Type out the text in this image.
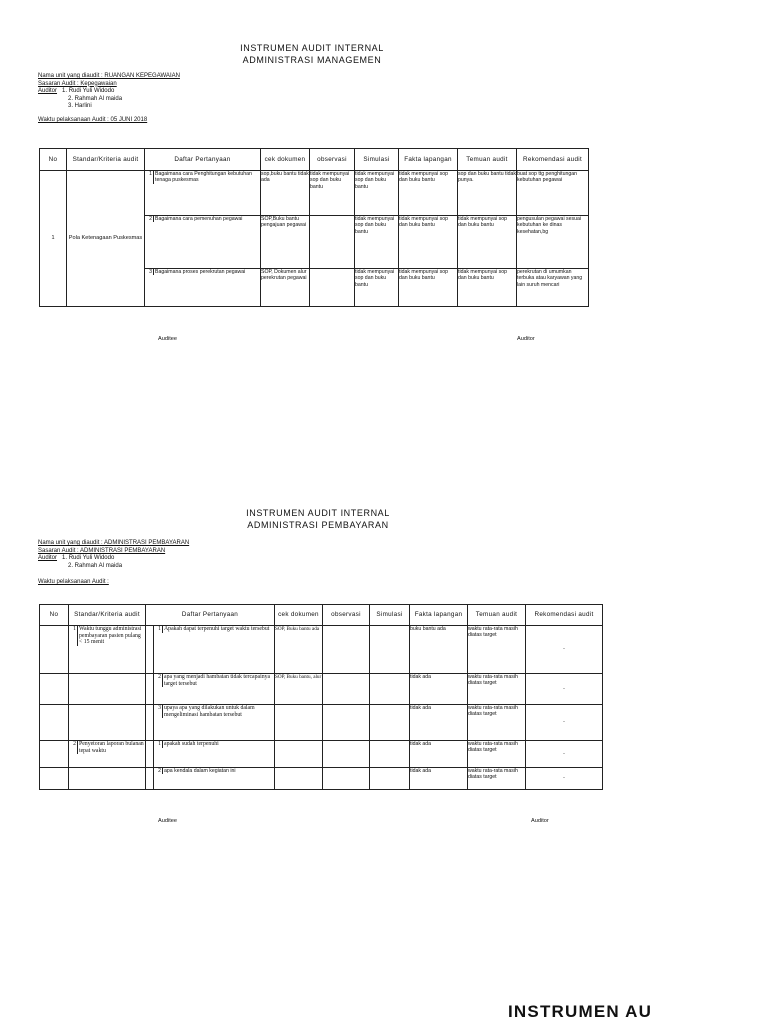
INSTRUMEN AUDIT INTERNAL
ADMINISTRASI MANAGEMEN
Nama unit yang diaudit : RUANGAN KEPEGAWAIAN
Sasaran Audit : Kepegawaian
Auditor 1. Rudi Yuli Widodo
2. Rahmah Al maida
3. Harlini
Waktu pelaksanaan Audit : 05 JUNI 2018
No	Standar/Kriteria audit	Daftar Pertanyaan	cek dokumen	observasi	Simulasi	Fakta lapangan	Temuan audit	Rekomendasi audit

1	Pola Ketenagaan Puskesmas	1 Bagaimana cara Penghitungan kebutuhan tenaga puskesmas	sop,buku bantu tidak ada	tidak mempunyai sop dan buku bantu	tidak mempunyai sop dan buku bantu	tidak mempunyai sop dan buku bantu	sop dan buku bantu tidak punya.	buat sop ttg penghitungan kebutuhan pegawai

		2 Bagaimana cara pemenuhan pegawai	SOP,Buku bantu pengajuan pegawai		tidak mempunyai sop dan buku bantu	tidak mempunyai sop dan buku bantu	tidak mempunyai sop dan buku bantu	pengusulan pegawai sesuai kebutuhan ke dinas kesehatan,bg

		3 Bagaimana proses perekrutan pegawai	SOP, Dokumen alur perekrutan pegawai		tidak mempunyai sop dan buku bantu	tidak mempunyai sop dan buku bantu	tidak mempunyai sop dan buku bantu	perekrutan di umumkan terbuka atau karyawan yang lain suruh mencari
Auditee	Auditor
INSTRUMEN AUDIT INTERNAL
ADMINISTRASI PEMBAYARAN
Nama unit yang diaudit : ADMINISTRASI PEMBAYARAN
Sasaran Audit : ADMINISTRASI PEMBAYARAN
Auditor 1. Rudi Yuli Widodo
2. Rahmah Al maida
Waktu pelaksanaan Audit :
No	Standar/Kriteria audit	Daftar Pertanyaan		cek dokumen	observasi	Simulasi	Fakta lapangan	Temuan audit	Rekomendasi audit

	1 Waktu tunggu administrasi pembayaran pasien pulang < 15 menit		1 Apakah dapat terpenuhi target waktu tersebut	SOP, Buku bantu ada			buku bantu ada	waktu rata-rata masih diatas target	-

			2 apa yang menjadi hambatan tidak tercapainya target tersebut	SOP, Buku bantu, alur			tidak ada	waktu rata-rata masih diatas target	-

			3 upaya apa yang dilakukan untuk dalam mengeliminasi hambatan tersebut				tidak ada	waktu rata-rata masih diatas target	-

	2 Penyetoran laporan bulanan tepat waktu		1 apakah sudah terpenuhi				tidak ada	waktu rata-rata masih diatas target	-

			2 apa kendala dalam kegiatan ini				tidak ada	waktu rata-rata masih diatas target	-
Auditee	Auditor
INSTRUMEN AU
